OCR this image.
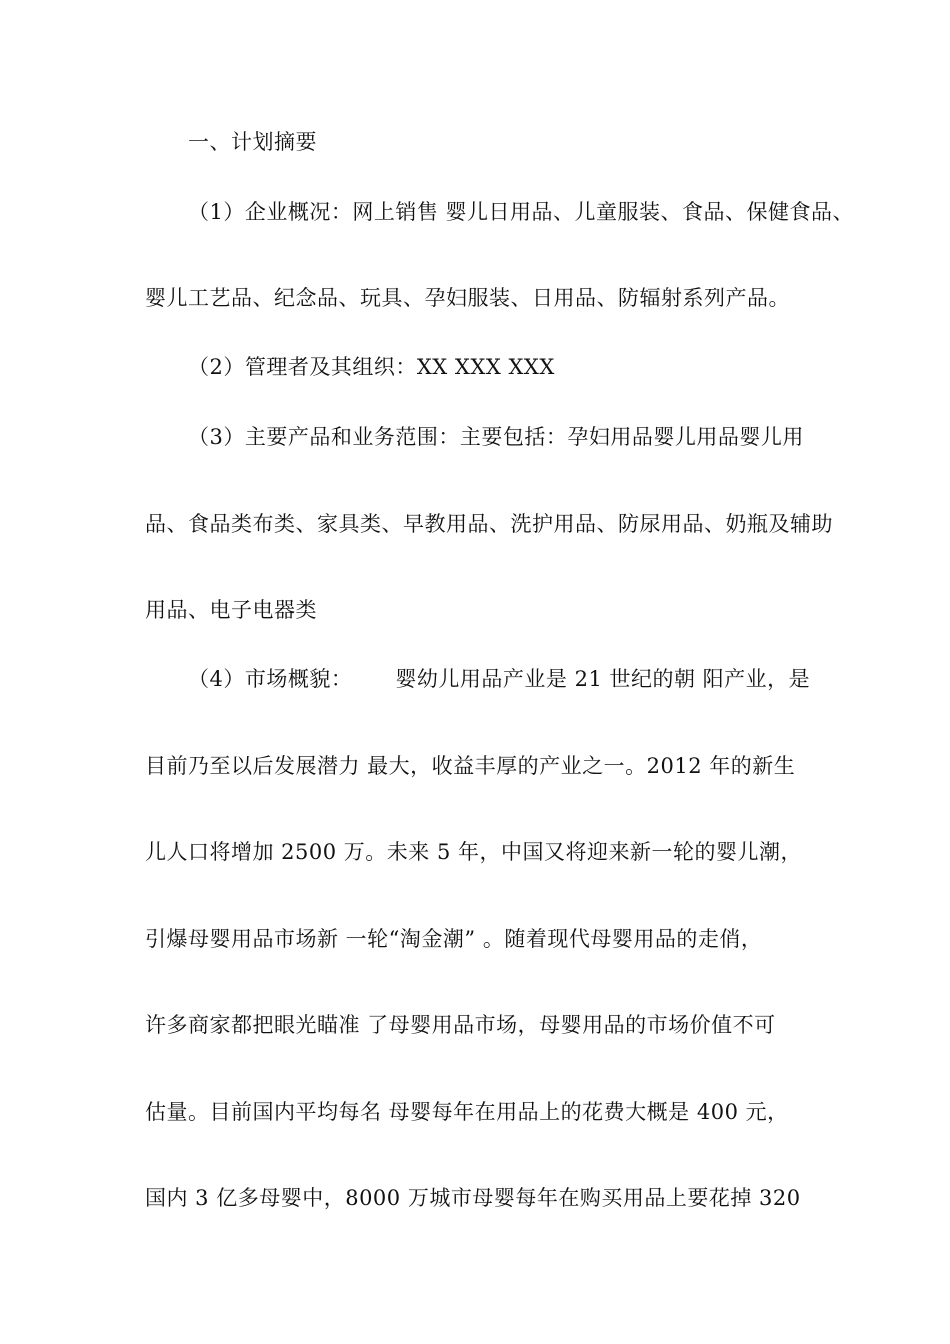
一、计划摘要
（1）企业概况：网上销售 婴儿日用品、儿童服装、食品、保健食品、
婴儿工艺品、纪念品、玩具、孕妇服装、日用品、防辐射系列产品。
（2）管理者及其组织：XX XXX XXX
（3）主要产品和业务范围：主要包括：孕妇用品婴儿用品婴儿用
品、食品类布类、家具类、早教用品、洗护用品、防尿用品、奶瓶及辅助
用品、电子电器类
（4）市场概貌：      婴幼儿用品产业是 21 世纪的朝 阳产业，是
目前乃至以后发展潜力 最大，收益丰厚的产业之一。2012 年的新生
儿人口将增加 2500 万。未来 5 年，中国又将迎来新一轮的婴儿潮，
引爆母婴用品市场新 一轮“淘金潮” 。随着现代母婴用品的走俏，
许多商家都把眼光瞄准 了母婴用品市场，母婴用品的市场价值不可
估量。目前国内平均每名 母婴每年在用品上的花费大概是 400 元，
国内 3 亿多母婴中，8000 万城市母婴每年在购买用品上要花掉 320
